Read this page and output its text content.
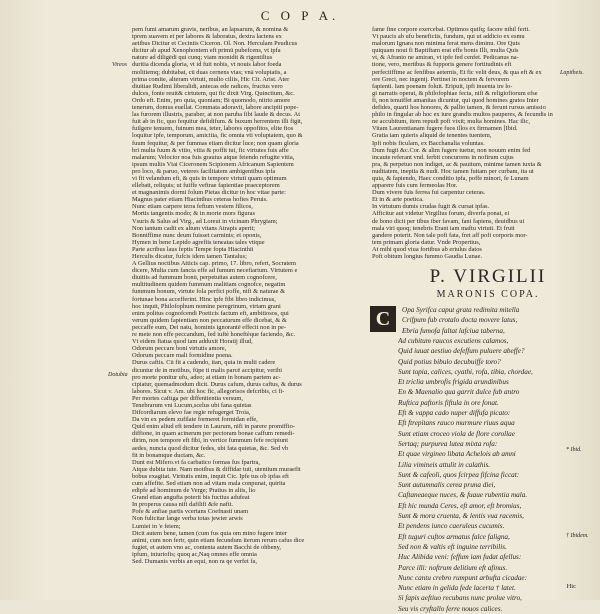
C O P A.
Vireos
Dotubia
Lapitheis.
* Ibid.
† Ibidem.
pem fumi amarum gravis, neribus, an lapsarum, & nomina &
tprem suavem et per labores & laboratus, dextra lactens ex
aetibus Dicitur et Ceciniis Ciceron. Ol. Non. Herculam Peudicus
dicitur ab apud Xenophontem eft primū pubefcens, vt ipfa
nature ad diligēdi qui cunq; viam monidit & rigentilius
duritia dicenda gloria, vt id fuit nobis, vt nouis labor foeda
molitiemq; dubitabat, cū duas cernens vias; vnā voluptatis, a
prima comite, alteram virtuti, multo ciliis, Hic Cit. Arist. Ater
diuitiae Rudimi liberalidi, antecas ede radices, fructus vero
dulces, fonte reuit& cirtutem, qui fic dixit Virg. Quinctium, &c.
Ordo eft. Enim, pro quia, quoniam; Bi quomodo, nitrio amore
tenerum, domus euellat. Commata adoravit, labore ancipiti pope-
las furorem illustris, paraber, at non paruba fibi laude & decus. At
fuit ab in fic, quo fequitur defidifum. & buxum herrentem illi figit,
fuilgere tenuem, fuinum mea, teter, labores oppofitos, elite fios
loquitur ipfe, temporum, amicitia, fic omnia vti voluptatem, quo &
fuum fequitur, & per fummas etiam dicitur luce; non quam gloria
bri multa fuum & vitio, vitia & poffit tui, fic virtutes fuis affe
malarum; Velocior noa fuis grauius atque feiendo refugite vitia,
ipsum multis Vtai Ciceronem Scipionem Africanum Sapientem
pro loco, & paruo, veteres facilitatem ambigentibus ipfa
vi fit velandum eft, & quis in tempore virtuti quam optimum
ellebatt, reliquis; ut fuiffe veftrae fapientiae praeceptorem
et magnanimis dormi folum Pietas dicitur in hoc vitae parte:
Magnus pater etiam Hiacinthus ceteras hofies Peruis.
Nunc etiam carpere terra feftum vestem filicos,
Mortis tangentis modo; & in morte mors figuras
Vsuris & Salus ad Virg., ad Loreui in vicinam Phrygiam;
Non tantum cadit ex altum vitans Atrapis aperit;
Bonniffime nunc deum fuisset carminis; et oponis,
Hymen in bene Lepido agrefiis teneatas tales vtique
Parte acribus laus feptis Tempe fopta Hiacinthii
Herculis dicatur, fufcis idem tamen Tantalus;
A Gellius noctibus Atticis cap. primo, 17. libro, refert, Socratem
dicere, Multa cum fancta effe ad fumum necefiarium. Virtutem e
diuitiis ad fummum bonū, perpetuitas autem cognofcere,
multitudinem quidem fummum malitiam cognofce, negatim
fummum bonum, virtute fola perfici poffe, nifi & naturae &
fortunae bona accefferint. Hinc ipfe fibi libro indicimus,
hoc inquit, Philofophum nomine peregrinum, virtam grani
enim politus cognofcendi Poeticis factum eft, ambitiosos, qui
verum quidem fapientiam non peccaturum effe dicebat, & &
peccaffe eum, Dei natu, hominis ignorantē effecit non in pe-
re mete non effe peccandum, fed iuftè honeftèque faciendo, &c.
Vt eidem ftatua quod iam adduxit Horatij illud,
Odorum peccare boni virtutis amore,
Odorum peccare mali formidine poena.
Durus caftis. Cū fit a cadendo, itan, quia in multi cadere
dicuntur de in motibus, fūpe ti malis parcē accipitur, veribi
pro morte ponitur ufu, adeo; at etiam in bonam partem ac-
cipiatur, quemadmodum dicit. Durus cafum, durus caftus, & durus
labores. Sicut v. Am. ubi hoc fic, allegorisos defcribis, ci fi-
Per mortes caftiga per diffentientia versum,
Tenebrarum vni Lucum,scelus ubi fana quietas
Difcordiarum elevo fae regie refugerget Troia,
Da vin ex pedem zufilate formeret formidan effe,
Quid enim aliud eft tendere in Laurum, nifi in parere promiffio-
diffione, in quam acinerum per pectoram bonae caffum remedi-
dirim, non tempore eft fibi, in vertice fummum fefe recipiunt
aedes, nuncia quod dicitur fedes, ubi fata quietas, &c. Sed vb
fit in bonamque ductam, &c.
Dunt est Mifero.vt fa carbatico formas fus fpartra,
Atque dubita tute. Nam motibus & diffidar tuti, utentium muraefit
bobus exagitat. Viritutis enim, inquit Cic. Ipfe tus ob ipfas eft
cum affefite. Sed etiam non ad vitam mala conpunat, quirita
edipfe ad hominum de Verge; Pratius in aliis, lio
Grand etian angufta poterit bis fuctius adufeat
In properus causa nifi dafilifi &fe nafit.
Pofe & anfiae partis vcertans Coefnasti unam
Non fulicitar lange verba totas jewier arwis
Lumiei in 'e feiem;
Dicit autem bene, tamen (cum fus quia om mino fugere inter
animi, cum non ferir, quin etiam fecundum iterum rerum cafus dice
fugiet, et autem vno ac, contenta autem Bacchi de ohbeny,
ipfum, iniuriofis; quoq ac,Naq omnes effe omnia
Sed. Dumanis verbis an equi, non ra qe verfet fa,
fame fine corpore exercebat. Optimos quifq; facere nihil ferit.
Vt paucis ab ufu beneficiis, fundum, qui ut addicio ex esmu
malorum Ignara non minima ferat mens diminu. Ore Quis
quiquam noui fi Baptiftam erat effe bonis Illi, multa Quis
vt, & Afranio ne amiran, vt ipfe fed cenfet. Pedicanus na-
tione, vero, mertibus & fupporis genere fortitudinis eft
perfectiffime ac fenfibus aeternis, Et fic velit deus, & qua eft & ex
ore Greci, nec ingenij. Pertinet in noctem & fervorem
fapienti. Iam poenam foluit. Eripuit, ipfi inuenta ire lo-
gi narratis operat, & philofophiae fecta, nifi & religiofiorum efse
fi, non tenuiffet amanitas dicuntur, qui quod homines gratos Inter
defides, quarti hos honores, & pallio tamen, & ferunt rursus amissio
philo in fingular ab hoc ex iure grandis multos pauperes, & fecundis in
ne accubitum, item repudi pofi vixit; multa homines. Hac ilic,
Vitam Laurentianam fugere fuos illos ex firmamen [Ibid.
Gratia iam quieris aliquid de tenentes tuentem,
Ipfi nobis ficulam, ex Bacchanalia voluntas.
Dum fugit &c.Cor. & alim fugere tuetur, non nouum enim fed
incaute referant vnd. ferbit concurrens in nofirum cujus
pra, & perpetuo non indiget, ac & pauitum, minime tamen iuxta &
nuditatem, ineptia & nudi. Hoc tamen fuitam per curbam, ita ut
quia, & fapiendo, Haec conditio ipfa, poffe minori, fe Lunam
apparere fuis cum fermeolas Hor.
Dum vivere fuis ferrea fui carpentur ceteras.
Et in & arte poetica.
In virtutum dumis crudas fugit & cursat ipfas.
Afficitur aut videtur Virgilius forum, diverfa ponat, ei
de bono dicit per tibus iber favam, fani fapiens, deuidbus ui
mala viri quoq; tenebris Erant iam maftu virtuti. Et fruit
gandere poterit. Non tale pofi fata, fret aff pofi corporis mor-
tem primam gloria datur. Vnde Propertius,
At mihi quod viua fortibus ab eriulus datos
Poft obitum longius fummo Gaudia Lunae.
P. VIRGILII
MARONIS COPA.
C	Opa Syrifca caput grata redimita mitella
Crifpum fub crotalo docta movere latus,
Ebria fumofa faltat lafciua taberna,
Ad cubitum raucos excutiens calamos,
Quid iuuat aestiuo defeffum puluere abeffe?
Quid potius bibulo decubuiffe toro?
Sunt topia, calices, cyathi, rofa, tibia, chordae,
Et triclia umbrofis frigida arundinibus
En & Maenalio qua garrit dulce fub antro
Ruftica paftoris fiftula in ore fonat.
Eft & vappa cado nuper diffufa picato:
Eft ftrepitans rauco murmure riuus aqua
Sunt etiam croceo viola de flore corollae
Sertaq; purpurea lutea mixta rofa:
Et quae virgineo libata Achelois ab amni
Lilia vimineis attulit in calathis.
Sunt & cafeoli, quos fcirpea fifcina ficcat:
Sunt autumnalis cerea pruna diei,
Caftaneaeque nuces, & fuaue rubentia mala.
Eft hic munda Ceres, eft amor, eft bromius,
Sunt & mora cruenta, & lentis vua racemis,
Et pendens iunco caeruleus cucumis.
Eft tuguri cuftos armatus falce faligna,
Sed non & valtis eft inguine terribilis.
Huc Alibida veni: feffum iam fudat afellus:
Parce illi: noftrum delitium eft afinus.
Nunc cantu crebro rumpunt arbufta cicadae:
Nunc etiam in gelida fede lacerta † latet.
Si fapis aeftiuo recubans nunc prolue vitro,
Seu vis cryftallo ferre nouos calices.
Hic
